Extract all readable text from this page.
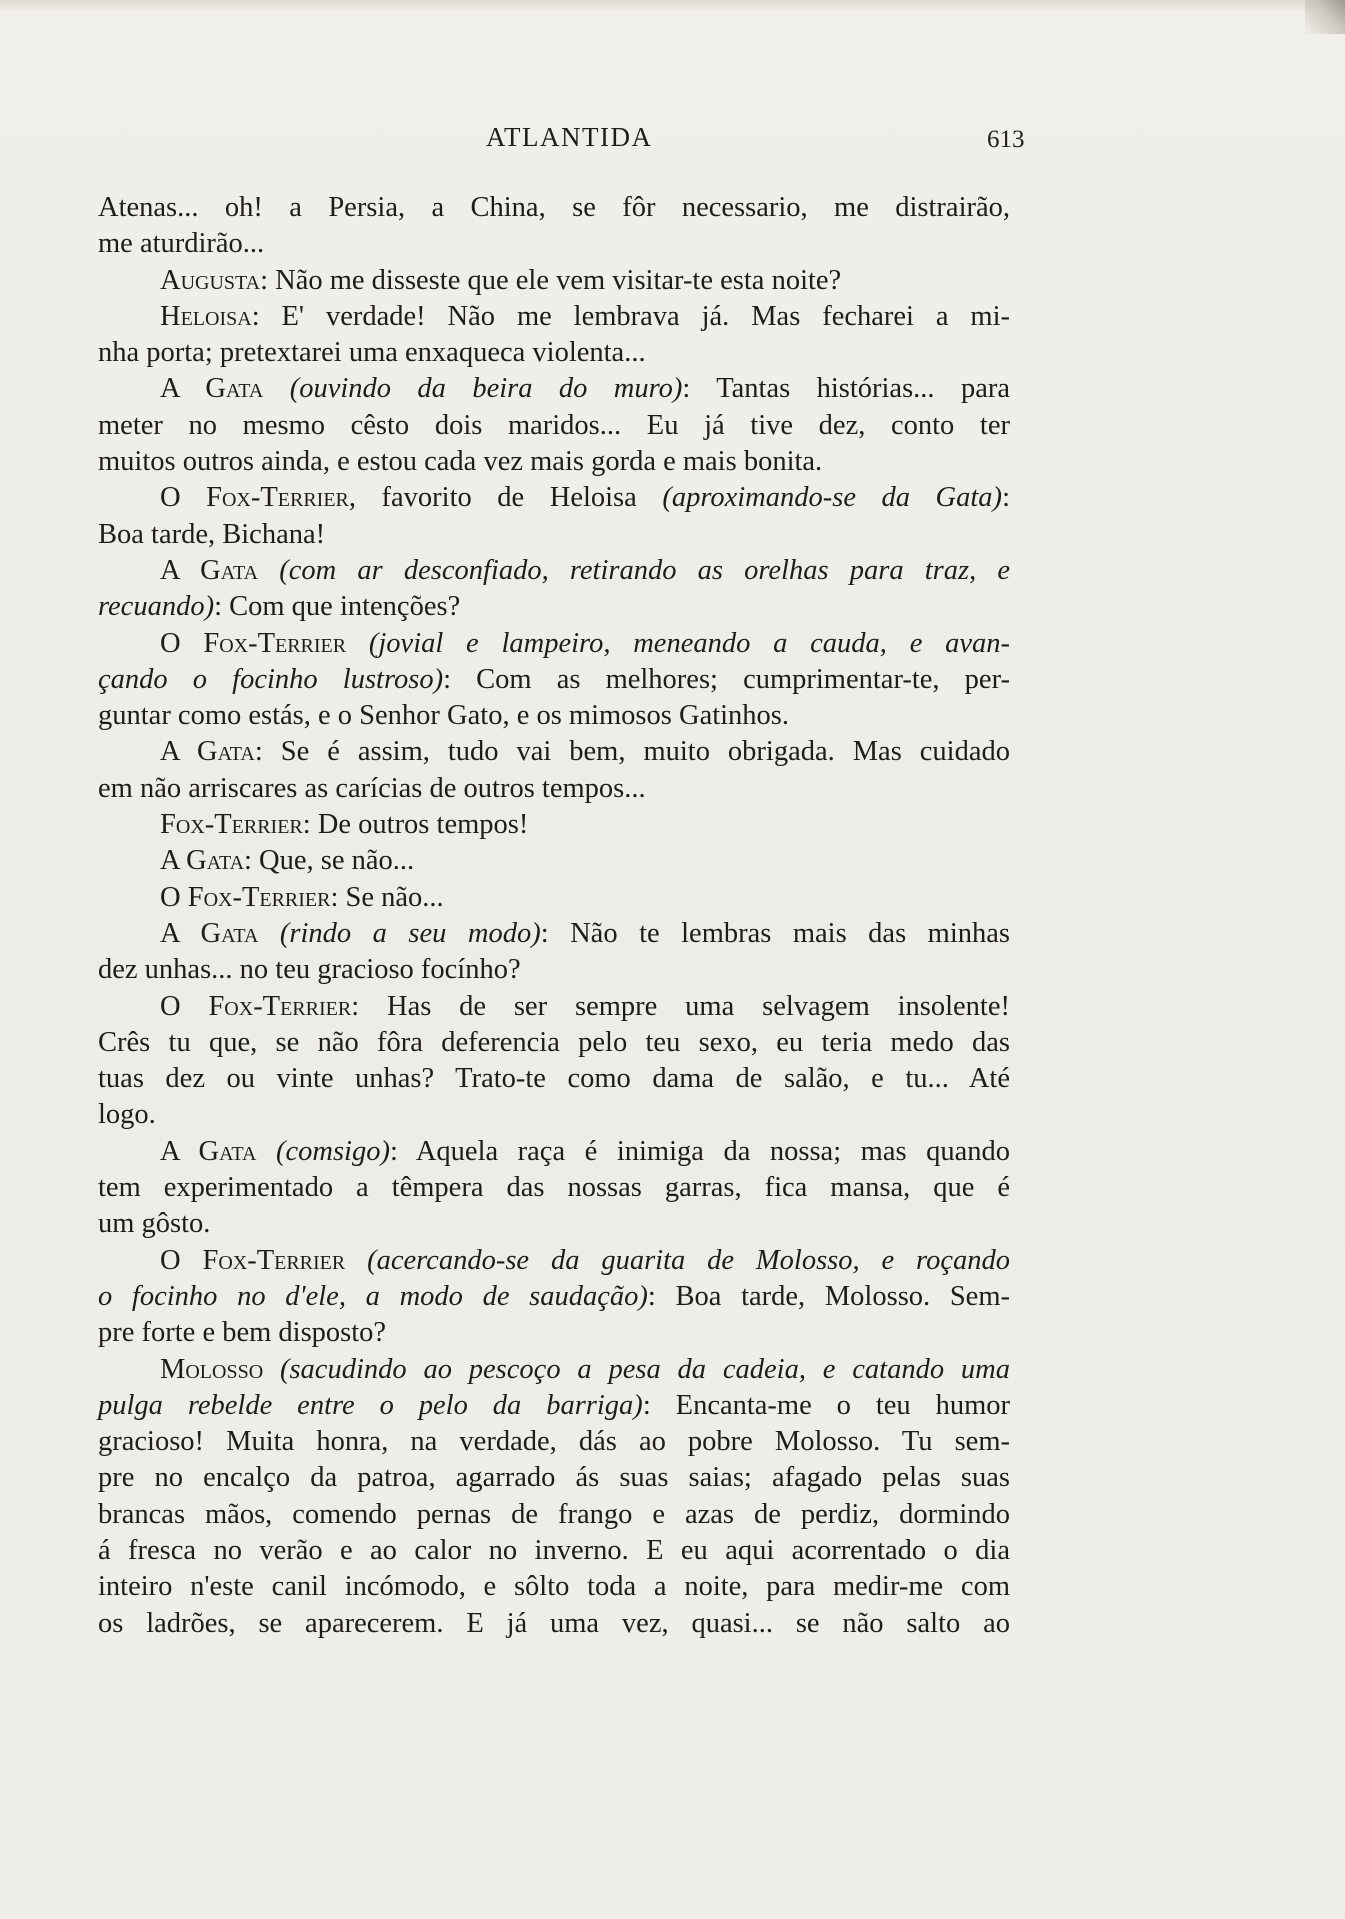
ATLANTIDA	613
Atenas... oh! a Persia, a China, se fôr necessario, me distrairão,
me aturdirão...
Augusta: Não me disseste que ele vem visitar-te esta noite?
Heloisa: E' verdade! Não me lembrava já. Mas fecharei a mi-
nha porta; pretextarei uma enxaqueca violenta...
A Gata (ouvindo da beira do muro): Tantas histórias... para
meter no mesmo cêsto dois maridos... Eu já tive dez, conto ter
muitos outros ainda, e estou cada vez mais gorda e mais bonita.
O Fox-Terrier, favorito de Heloisa (aproximando-se da Gata):
Boa tarde, Bichana!
A Gata (com ar desconfiado, retirando as orelhas para traz, e
recuando): Com que intenções?
O Fox-Terrier (jovial e lampeiro, meneando a cauda, e avan-
çando o focinho lustroso): Com as melhores; cumprimentar-te, per-
guntar como estás, e o Senhor Gato, e os mimosos Gatinhos.
A Gata: Se é assim, tudo vai bem, muito obrigada. Mas cuidado
em não arriscares as carícias de outros tempos...
Fox-Terrier: De outros tempos!
A Gata: Que, se não...
O Fox-Terrier: Se não...
A Gata (rindo a seu modo): Não te lembras mais das minhas
dez unhas... no teu gracioso focínho?
O Fox-Terrier: Has de ser sempre uma selvagem insolente!
Crês tu que, se não fôra deferencia pelo teu sexo, eu teria medo das
tuas dez ou vinte unhas? Trato-te como dama de salão, e tu... Até
logo.
A Gata (comsigo): Aquela raça é inimiga da nossa; mas quando
tem experimentado a têmpera das nossas garras, fica mansa, que é
um gôsto.
O Fox-Terrier (acercando-se da guarita de Molosso, e roçando
o focinho no d'ele, a modo de saudação): Boa tarde, Molosso. Sem-
pre forte e bem disposto?
Molosso (sacudindo ao pescoço a pesa da cadeia, e catando uma
pulga rebelde entre o pelo da barriga): Encanta-me o teu humor
gracioso! Muita honra, na verdade, dás ao pobre Molosso. Tu sem-
pre no encalço da patroa, agarrado ás suas saias; afagado pelas suas
brancas mãos, comendo pernas de frango e azas de perdiz, dormindo
á fresca no verão e ao calor no inverno. E eu aqui acorrentado o dia
inteiro n'este canil incómodo, e sôlto toda a noite, para medir-me com
os ladrões, se aparecerem. E já uma vez, quasi... se não salto ao
